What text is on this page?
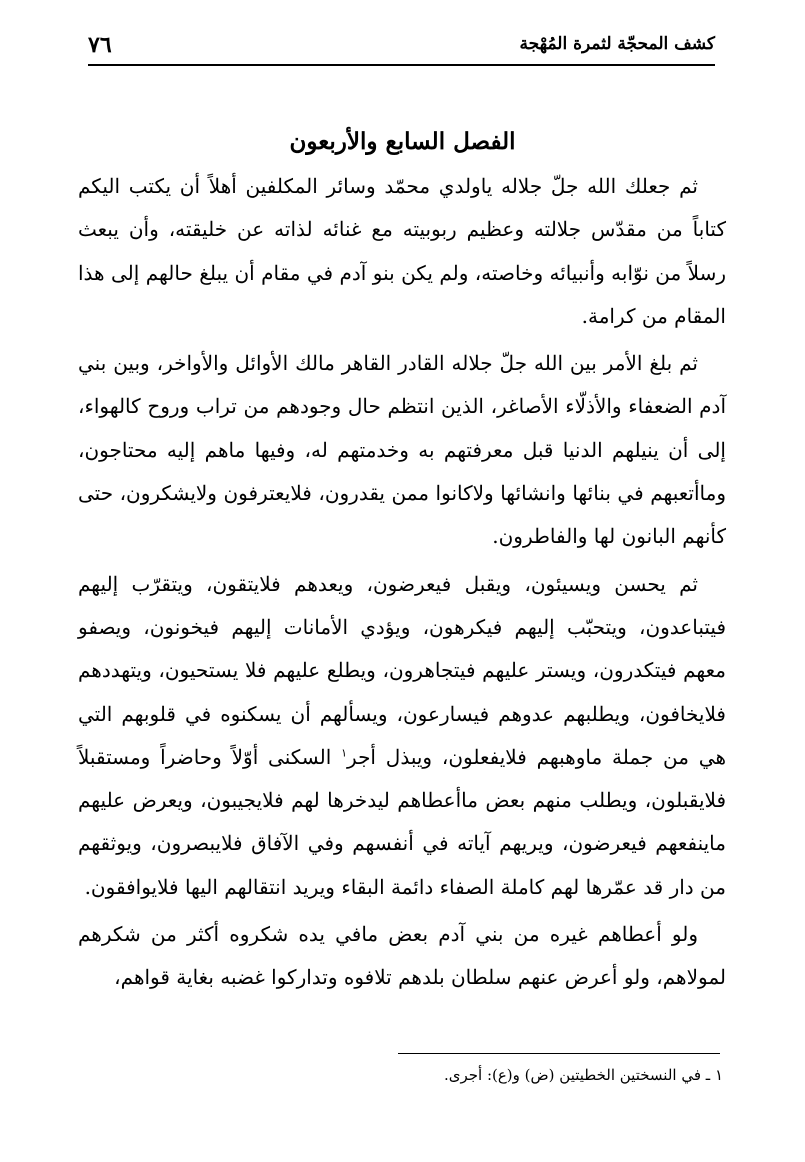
٧٦	كشف المحجّة لثمرة المُهْجة
الفصل السابع والأربعون

ثم جعلك الله جلّ جلاله ياولدي محمّد وسائر المكلفين أهلاً أن يكتب اليكم كتاباً من مقدّس جلالته وعظيم ربوبيته مع غنائه لذاته عن خليقته، وأن يبعث رسلاً من نوّابه وأنبيائه وخاصته، ولم يكن بنو آدم في مقام أن يبلغ حالهم إلى هذا المقام من كرامة.

ثم بلغ الأمر بين الله جلّ جلاله القادر القاهر مالك الأوائل والأواخر، وبين بني آدم الضعفاء والأذلّاء الأصاغر، الذين انتظم حال وجودهم من تراب وروح كالهواء، إلى أن ينيلهم الدنيا قبل معرفتهم به وخدمتهم له، وفيها ماهم إليه محتاجون، وماأتعبهم في بنائها وانشائها ولاكانوا ممن يقدرون، فلايعترفون ولايشكرون، حتى كأنهم البانون لها والفاطرون.

ثم يحسن ويسيئون، ويقبل فيعرضون، ويعدهم فلايتقون، ويتقرّب إليهم فيتباعدون، ويتحبّب إليهم فيكرهون، ويؤدي الأمانات إليهم فيخونون، ويصفو معهم فيتكدرون، ويستر عليهم فيتجاهرون، ويطلع عليهم فلا يستحيون، ويتهددهم فلايخافون، ويطلبهم عدوهم فيسارعون، ويسألهم أن يسكنوه في قلوبهم التي هي من جملة ماوهبهم فلايفعلون، ويبذل أجر$^١$ السكنى أوّلاً وحاضراً ومستقبلاً فلايقبلون، ويطلب منهم بعض ماأعطاهم ليدخرها لهم فلايجيبون، ويعرض عليهم ماينفعهم فيعرضون، ويريهم آياته في أنفسهم وفي الآفاق فلايبصرون، ويوثقهم من دار قد عمّرها لهم كاملة الصفاء دائمة البقاء ويريد انتقالهم اليها فلايوافقون.

ولو أعطاهم غيره من بني آدم بعض مافي يده شكروه أكثر من شكرهم لمولاهم، ولو أعرض عنهم سلطان بلدهم تلافوه وتداركوا غضبه بغاية قواهم،

١ ـ في النسختين الخطيتين (ض) و(ع): أجرى.
